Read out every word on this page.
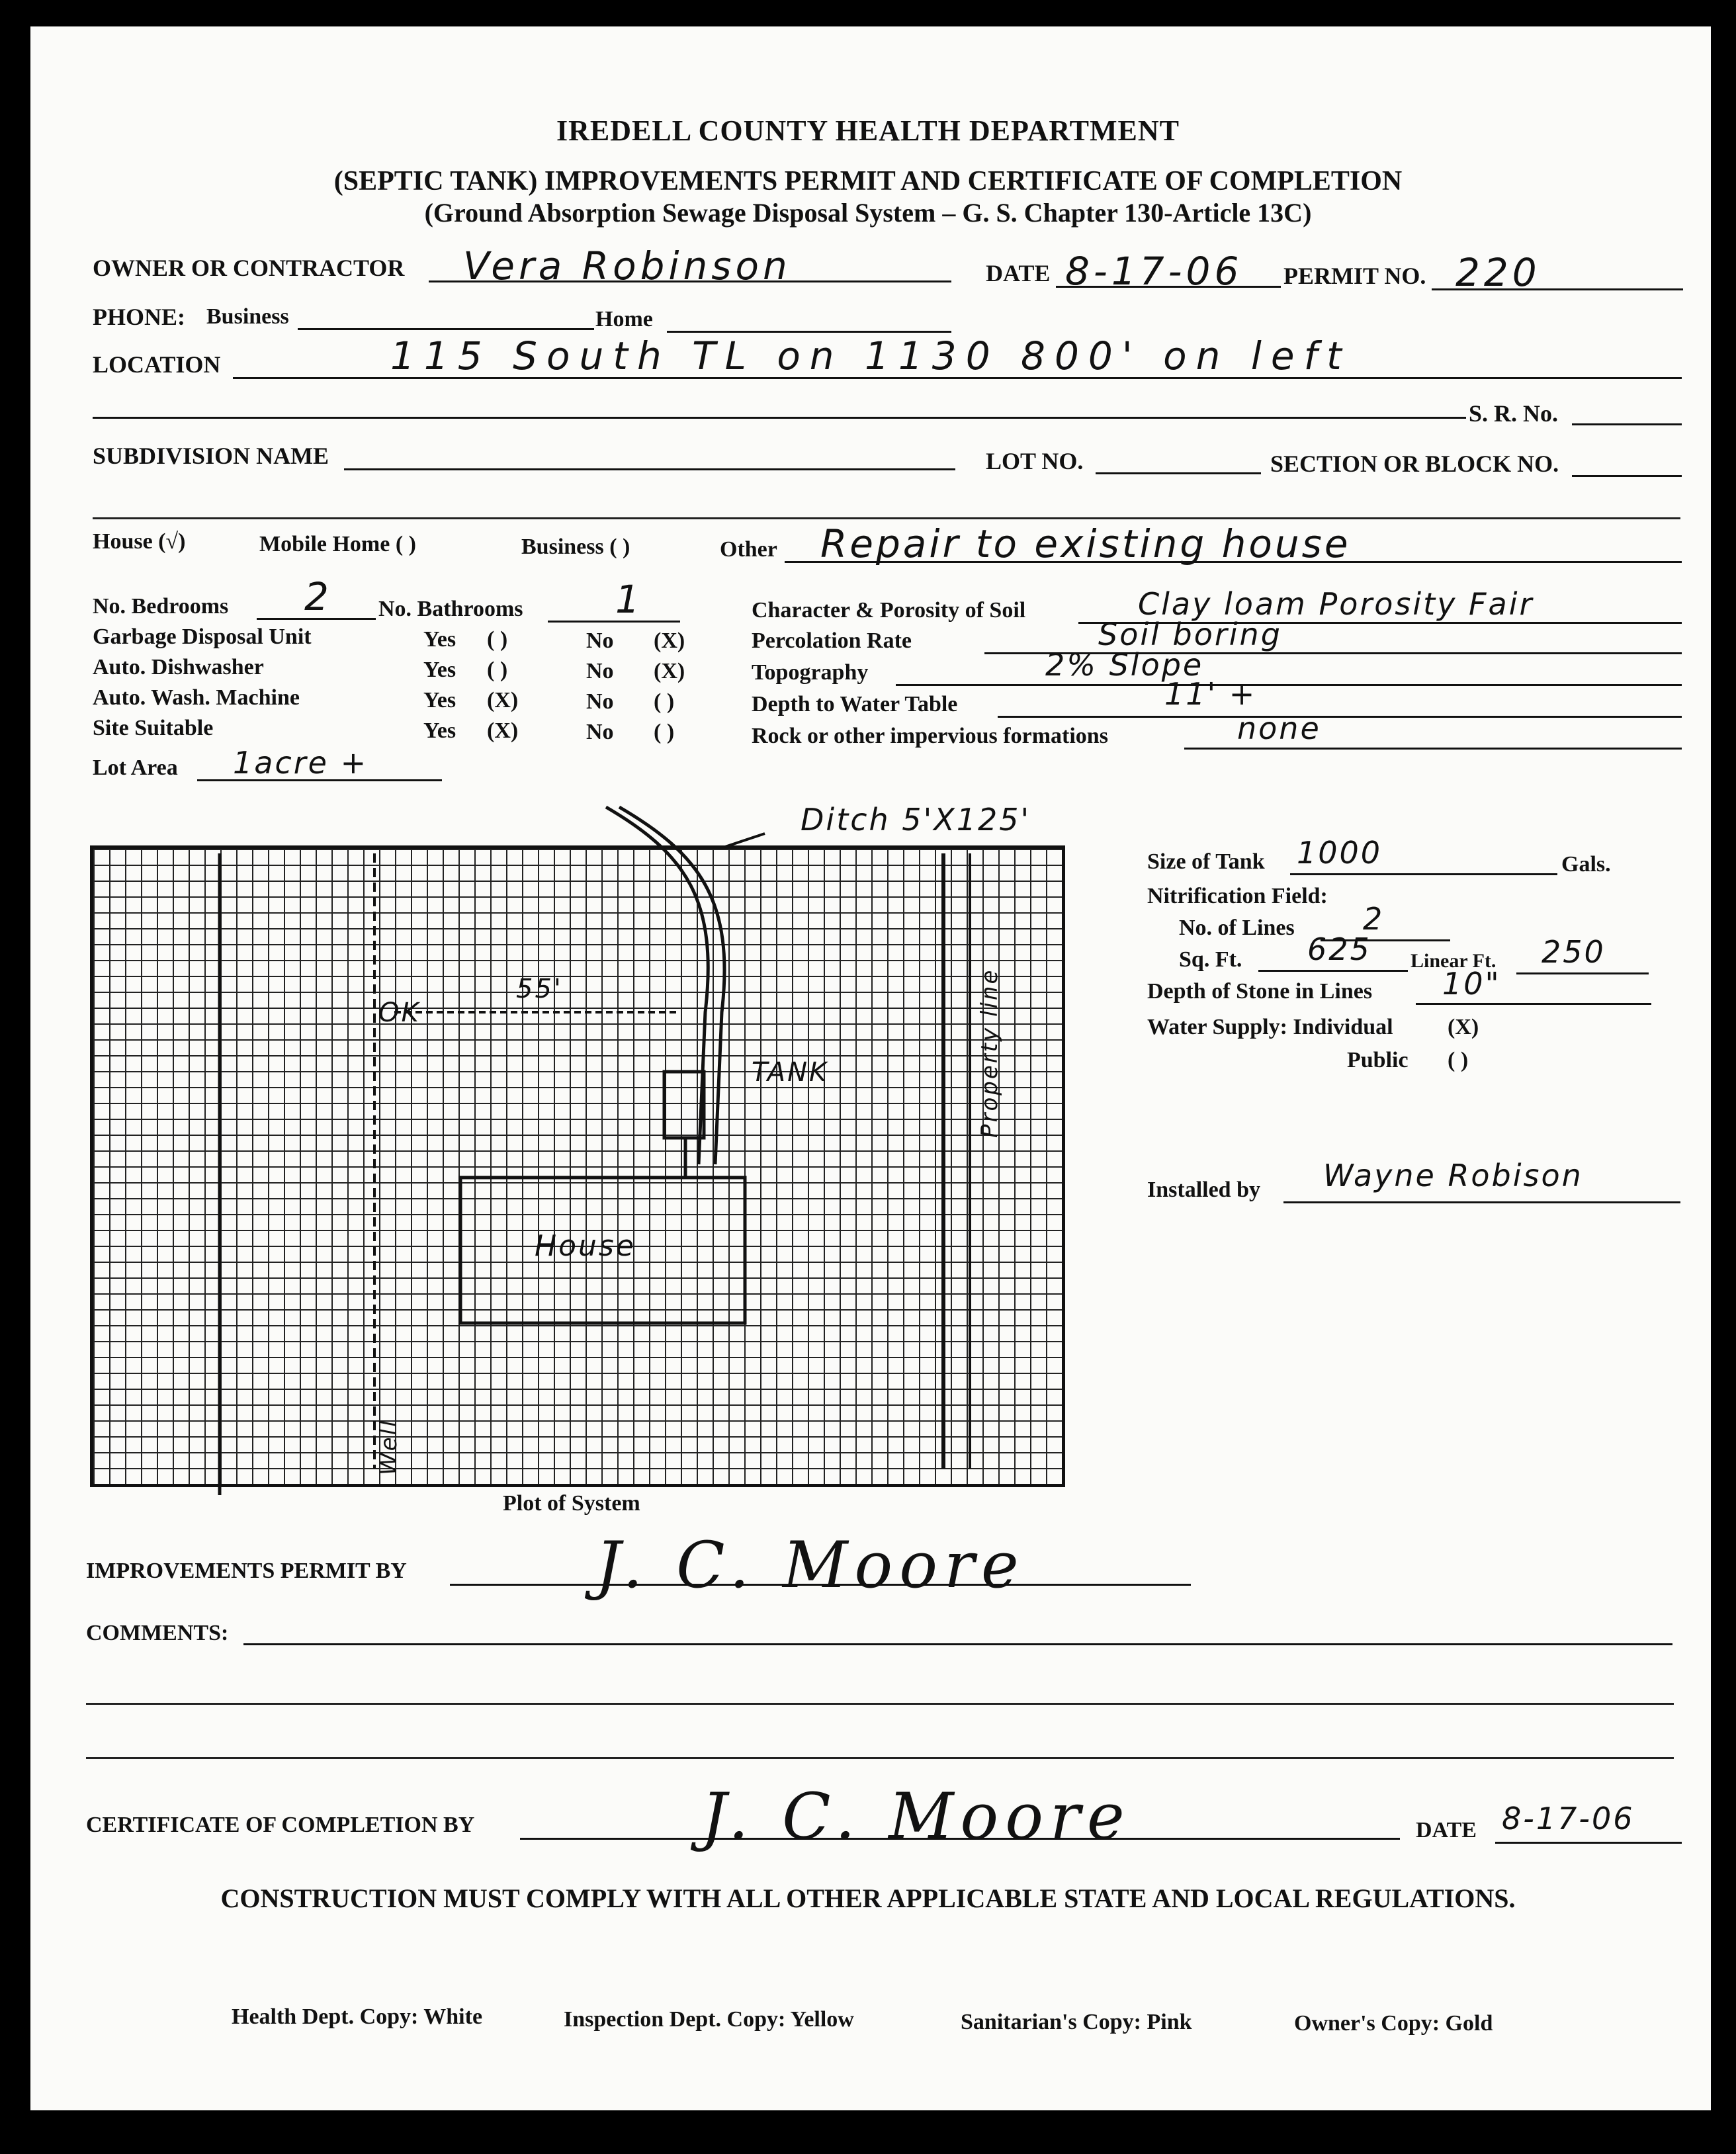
IREDELL COUNTY HEALTH DEPARTMENT
(SEPTIC TANK) IMPROVEMENTS PERMIT AND CERTIFICATE OF COMPLETION
(Ground Absorption Sewage Disposal System – G. S. Chapter 130-Article 13C)
OWNER OR CONTRACTOR Vera Robinson	DATE 8-17-06 PERMIT NO. 220
PHONE: Business	Home
LOCATION	115 South TL on 1130 800' on left
S. R. No.
SUBDIVISION NAME	LOT NO.	SECTION OR BLOCK NO.
House (√)	Mobile Home ( )	Business ( )	Other Repair to existing house
No. Bedrooms 2 No. Bathrooms 1
Garbage Disposal Unit	Yes ( )	No (X)
Auto. Dishwasher	Yes ( )	No (X)
Auto. Wash. Machine	Yes (X)	No ( )
Site Suitable	Yes (X)	No ( )
Lot Area 1acre +
Character & Porosity of Soil	Clay loam Porosity Fair
Percolation Rate	Soil boring
Topography	2% Slope
Depth to Water Table	11' +
Rock or other impervious formations	none
Ditch 5'X125'
TANK
House
55'
OK	Property line
Well
Plot of System
Size of Tank 1000	Gals.
Nitrification Field:
No. of Lines 2
Sq. Ft. 625 Linear Ft. 250
Depth of Stone in Lines 10"
Water Supply: Individual (X)
Public ( )
Installed by Wayne Robison
IMPROVEMENTS PERMIT BY	J. C. Moore
COMMENTS:
CERTIFICATE OF COMPLETION BY	J. C. Moore	DATE 8-17-06
CONSTRUCTION MUST COMPLY WITH ALL OTHER APPLICABLE STATE AND LOCAL REGULATIONS.
Health Dept. Copy: White	Inspection Dept. Copy: Yellow	Sanitarian's Copy: Pink	Owner's Copy: Gold
